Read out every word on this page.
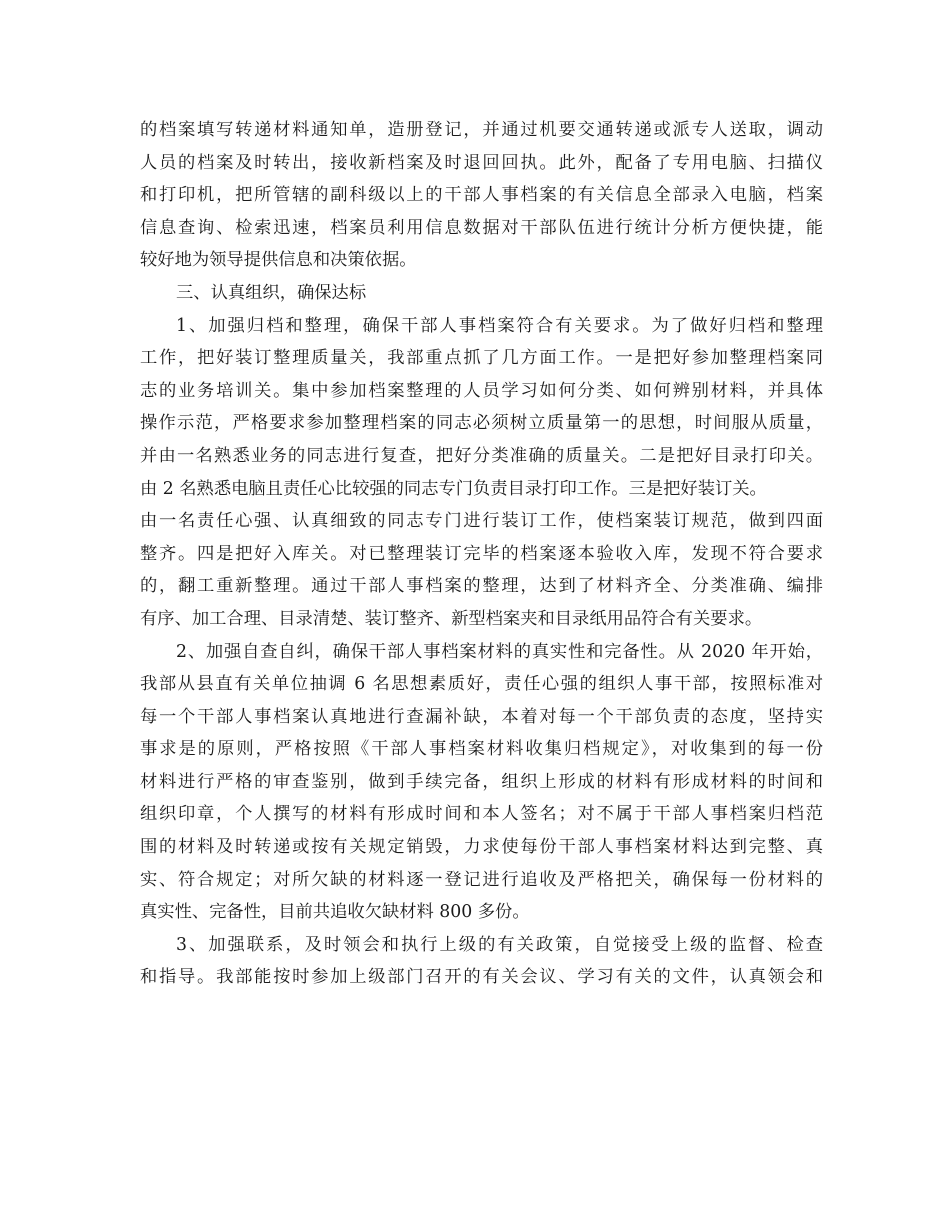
的档案填写转递材料通知单，造册登记，并通过机要交通转递或派专人送取，调动
人员的档案及时转出，接收新档案及时退回回执。此外，配备了专用电脑、扫描仪
和打印机，把所管辖的副科级以上的干部人事档案的有关信息全部录入电脑，档案
信息查询、检索迅速，档案员利用信息数据对干部队伍进行统计分析方便快捷，能
较好地为领导提供信息和决策依据。
三、认真组织，确保达标
1、加强归档和整理，确保干部人事档案符合有关要求。为了做好归档和整理
工作，把好装订整理质量关，我部重点抓了几方面工作。一是把好参加整理档案同
志的业务培训关。集中参加档案整理的人员学习如何分类、如何辨别材料，并具体
操作示范，严格要求参加整理档案的同志必须树立质量第一的思想，时间服从质量，
并由一名熟悉业务的同志进行复查，把好分类准确的质量关。二是把好目录打印关。
由 2 名熟悉电脑且责任心比较强的同志专门负责目录打印工作。三是把好装订关。
由一名责任心强、认真细致的同志专门进行装订工作，使档案装订规范，做到四面
整齐。四是把好入库关。对已整理装订完毕的档案逐本验收入库，发现不符合要求
的，翻工重新整理。通过干部人事档案的整理，达到了材料齐全、分类准确、编排
有序、加工合理、目录清楚、装订整齐、新型档案夹和目录纸用品符合有关要求。
2、加强自查自纠，确保干部人事档案材料的真实性和完备性。从 2020 年开始，
我部从县直有关单位抽调 6 名思想素质好，责任心强的组织人事干部，按照标准对
每一个干部人事档案认真地进行查漏补缺，本着对每一个干部负责的态度，坚持实
事求是的原则，严格按照《干部人事档案材料收集归档规定》，对收集到的每一份
材料进行严格的审查鉴别，做到手续完备，组织上形成的材料有形成材料的时间和
组织印章，个人撰写的材料有形成时间和本人签名；对不属于干部人事档案归档范
围的材料及时转递或按有关规定销毁，力求使每份干部人事档案材料达到完整、真
实、符合规定；对所欠缺的材料逐一登记进行追收及严格把关，确保每一份材料的
真实性、完备性，目前共追收欠缺材料 800 多份。
3、加强联系，及时领会和执行上级的有关政策，自觉接受上级的监督、检查
和指导。我部能按时参加上级部门召开的有关会议、学习有关的文件，认真领会和
